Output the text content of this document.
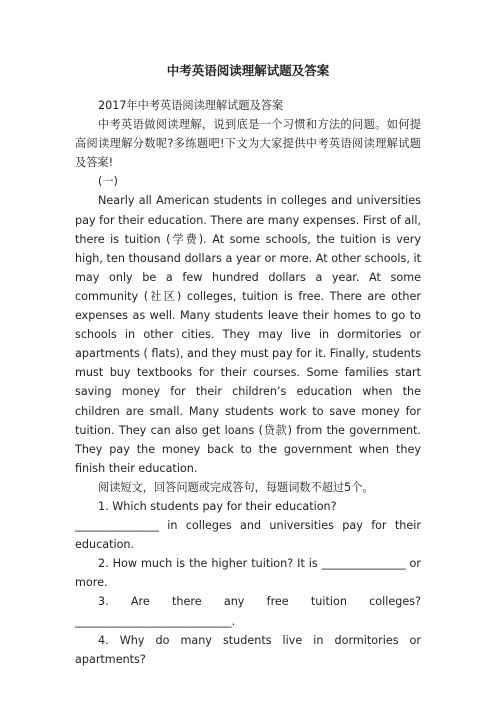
中考英语阅读理解试题及答案

2017年中考英语阅读理解试题及答案

中考英语做阅读理解，说到底是一个习惯和方法的问题。如何提高阅读理解分数呢?多练题吧!下文为大家提供中考英语阅读理解试题及答案!

(一)

Nearly all American students in colleges and universities pay for their education. There are many expenses. First of all, there is tuition (学费). At some schools, the tuition is very high, ten thousand dollars a year or more. At other schools, it may only be a few hundred dollars a year. At some community (社区) colleges, tuition is free. There are other expenses as well. Many students leave their homes to go to schools in other cities. They may live in dormitories or apartments ( flats), and they must pay for it. Finally, students must buy textbooks for their courses. Some families start saving money for their children’s education when the children are small. Many students work to save money for tuition. They can also get loans (贷款) from the government. They pay the money back to the government when they finish their education.

阅读短文，回答问题或完成答句，每题词数不超过5个。

1. Which students pay for their education?

_______________ in colleges and universities pay for their education.

2. How much is the higher tuition? It is _______________ or more.

3. Are there any free tuition colleges?____________________________.

4. Why do many students live in dormitories or apartments?
